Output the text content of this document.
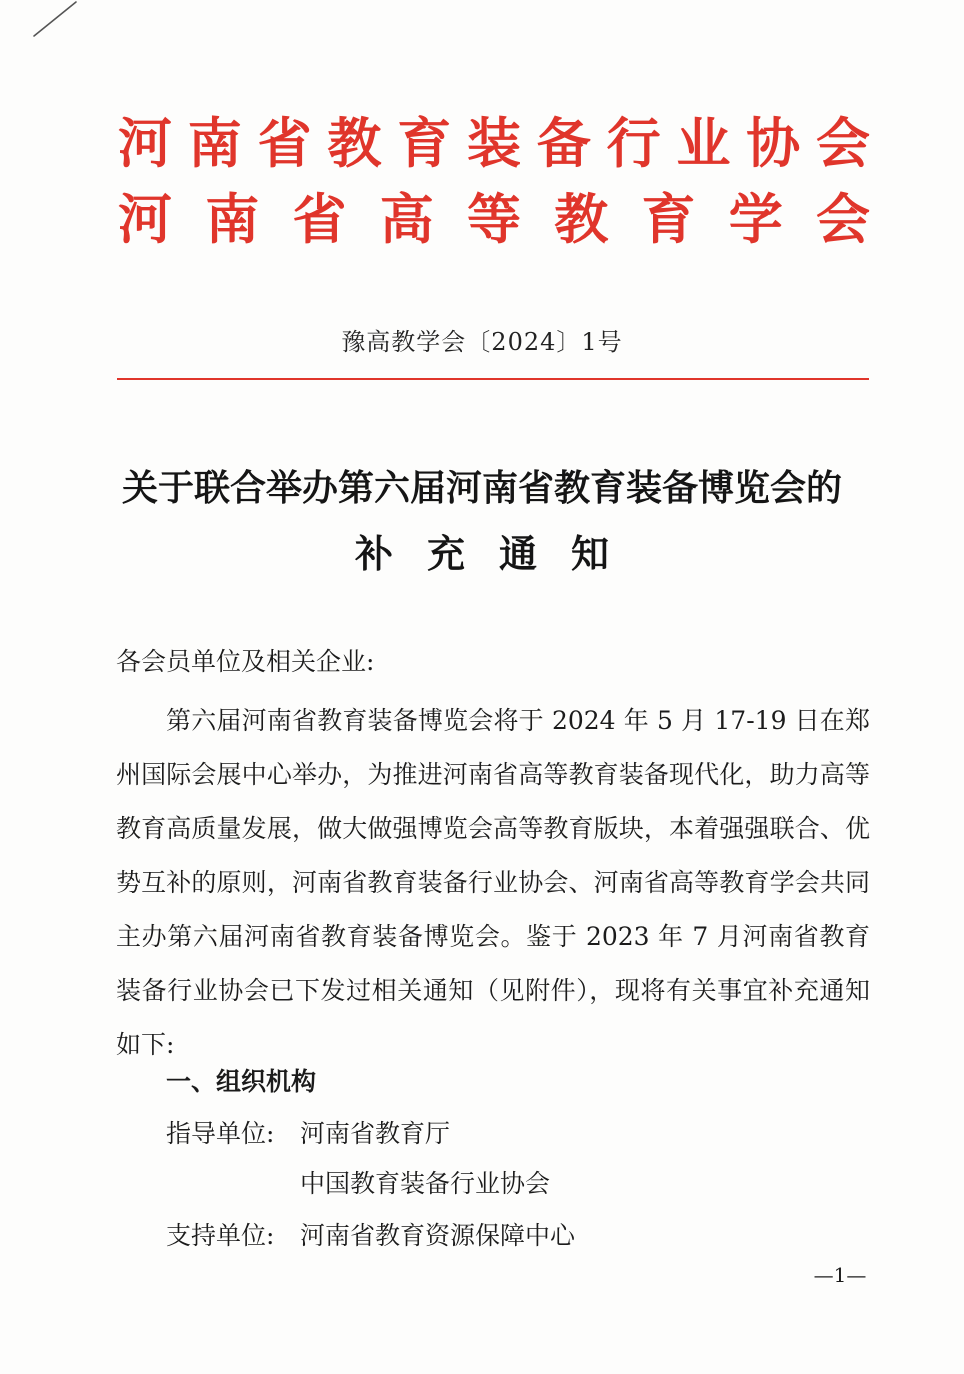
河南省教育装备行业协会
河南省高等教育学会
豫高教学会〔2024〕1号
关于联合举办第六届河南省教育装备博览会的
补充通知
各会员单位及相关企业:
第六届河南省教育装备博览会将于 2024 年 5 月 17-19 日在郑州国际会展中心举办，为推进河南省高等教育装备现代化，助力高等教育高质量发展，做大做强博览会高等教育版块，本着强强联合、优势互补的原则，河南省教育装备行业协会、河南省高等教育学会共同主办第六届河南省教育装备博览会。鉴于 2023 年 7 月河南省教育装备行业协会已下发过相关通知（见附件），现将有关事宜补充通知如下:
一、组织机构
指导单位: 河南省教育厅
中国教育装备行业协会
支持单位: 河南省教育资源保障中心
—1—
